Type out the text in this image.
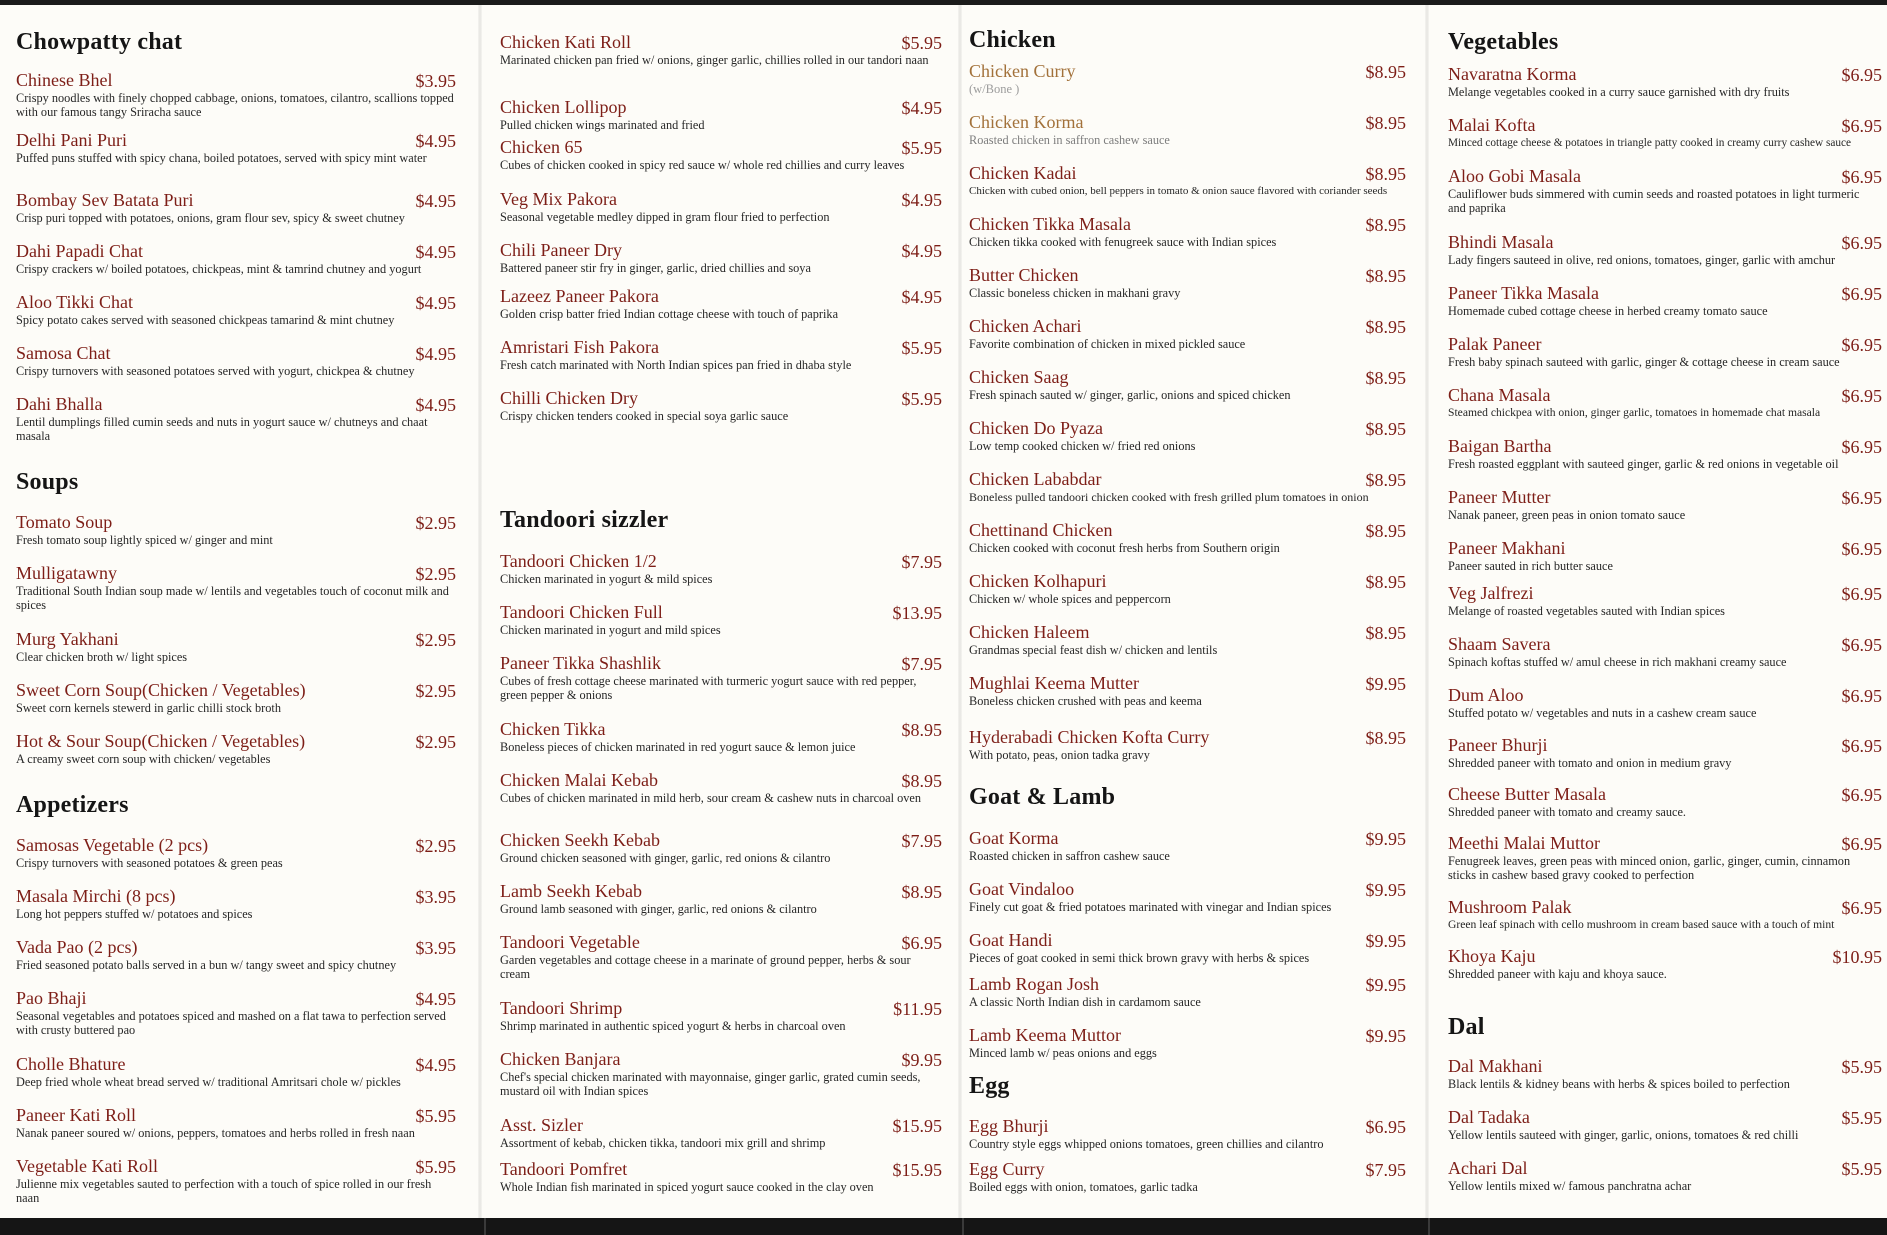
Chowpatty chat
Chinese Bhel	$3.95
Crispy noodles with finely chopped cabbage, onions, tomatoes, cilantro, scallions topped with our famous tangy Sriracha sauce
Delhi Pani Puri	$4.95
Puffed puns stuffed with spicy chana, boiled potatoes, served with spicy mint water
Bombay Sev Batata Puri	$4.95
Crisp puri topped with potatoes, onions, gram flour sev, spicy & sweet chutney
Dahi Papadi Chat	$4.95
Crispy crackers w/ boiled potatoes, chickpeas, mint & tamrind chutney and yogurt
Aloo Tikki Chat	$4.95
Spicy potato cakes served with seasoned chickpeas tamarind & mint chutney
Samosa Chat	$4.95
Crispy turnovers with seasoned potatoes served with yogurt, chickpea & chutney
Dahi Bhalla	$4.95
Lentil dumplings filled cumin seeds and nuts in yogurt sauce w/ chutneys and chaat masala
Soups
Tomato Soup	$2.95
Fresh tomato soup lightly spiced w/ ginger and mint
Mulligatawny	$2.95
Traditional South Indian soup made w/ lentils and vegetables touch of coconut milk and spices
Murg Yakhani	$2.95
Clear chicken broth w/ light spices
Sweet Corn Soup(Chicken / Vegetables)	$2.95
Sweet corn kernels stewerd in garlic chilli stock broth
Hot & Sour Soup(Chicken / Vegetables)	$2.95
A creamy sweet corn soup with chicken/ vegetables
Appetizers
Samosas Vegetable (2 pcs)	$2.95
Crispy turnovers with seasoned potatoes & green peas
Masala Mirchi (8 pcs)	$3.95
Long hot peppers stuffed w/ potatoes and spices
Vada Pao (2 pcs)	$3.95
Fried seasoned potato balls served in a bun w/ tangy sweet and spicy chutney
Pao Bhaji	$4.95
Seasonal vegetables and potatoes spiced and mashed on a flat tawa to perfection served with crusty buttered pao
Cholle Bhature	$4.95
Deep fried whole wheat bread served w/ traditional Amritsari chole w/ pickles
Paneer Kati Roll	$5.95
Nanak paneer soured w/ onions, peppers, tomatoes and herbs rolled in fresh naan
Vegetable Kati Roll	$5.95
Julienne mix vegetables sauted to perfection with a touch of spice rolled in our fresh naan
Chicken Kati Roll	$5.95
Marinated chicken pan fried w/ onions, ginger garlic, chillies rolled in our tandori naan
Chicken Lollipop	$4.95
Pulled chicken wings marinated and fried
Chicken 65	$5.95
Cubes of chicken cooked in spicy red sauce w/ whole red chillies and curry leaves
Veg Mix Pakora	$4.95
Seasonal vegetable medley dipped in gram flour fried to perfection
Chili Paneer Dry	$4.95
Battered paneer stir fry in ginger, garlic, dried chillies and soya
Lazeez Paneer Pakora	$4.95
Golden crisp batter fried Indian cottage cheese with touch of paprika
Amristari Fish Pakora	$5.95
Fresh catch marinated with North Indian spices pan fried in dhaba style
Chilli Chicken Dry	$5.95
Crispy chicken tenders cooked in special soya garlic sauce
Tandoori sizzler
Tandoori Chicken 1/2	$7.95
Chicken marinated in yogurt & mild spices
Tandoori Chicken Full	$13.95
Chicken marinated in yogurt and mild spices
Paneer Tikka Shashlik	$7.95
Cubes of fresh cottage cheese marinated with turmeric yogurt sauce with red pepper, green pepper & onions
Chicken Tikka	$8.95
Boneless pieces of chicken marinated in red yogurt sauce & lemon juice
Chicken Malai Kebab	$8.95
Cubes of chicken marinated in mild herb, sour cream & cashew nuts in charcoal oven
Chicken Seekh Kebab	$7.95
Ground chicken seasoned with ginger, garlic, red onions & cilantro
Lamb Seekh Kebab	$8.95
Ground lamb seasoned with ginger, garlic, red onions & cilantro
Tandoori Vegetable	$6.95
Garden vegetables and cottage cheese in a marinate of ground pepper, herbs & sour cream
Tandoori Shrimp	$11.95
Shrimp marinated in authentic spiced yogurt & herbs in charcoal oven
Chicken Banjara	$9.95
Chef's special chicken marinated with mayonnaise, ginger garlic, grated cumin seeds, mustard oil with Indian spices
Asst. Sizler	$15.95
Assortment of kebab, chicken tikka, tandoori mix grill and shrimp
Tandoori Pomfret	$15.95
Whole Indian fish marinated in spiced yogurt sauce cooked in the clay oven
Chicken
Chicken Curry	$8.95
(w/Bone )
Chicken Korma	$8.95
Roasted chicken in saffron cashew sauce
Chicken Kadai	$8.95
Chicken with cubed onion, bell peppers in tomato & onion sauce flavored with coriander seeds
Chicken Tikka Masala	$8.95
Chicken tikka cooked with fenugreek sauce with Indian spices
Butter Chicken	$8.95
Classic boneless chicken in makhani gravy
Chicken Achari	$8.95
Favorite combination of chicken in mixed pickled sauce
Chicken Saag	$8.95
Fresh spinach sauted w/ ginger, garlic, onions and spiced chicken
Chicken Do Pyaza	$8.95
Low temp cooked chicken w/ fried red onions
Chicken Lababdar	$8.95
Boneless pulled tandoori chicken cooked with fresh grilled plum tomatoes in onion
Chettinand Chicken	$8.95
Chicken cooked with coconut fresh herbs from Southern origin
Chicken Kolhapuri	$8.95
Chicken w/ whole spices and peppercorn
Chicken Haleem	$8.95
Grandmas special feast dish w/ chicken and lentils
Mughlai Keema Mutter	$9.95
Boneless chicken crushed with peas and keema
Hyderabadi Chicken Kofta Curry	$8.95
With potato, peas, onion tadka gravy
Goat & Lamb
Goat Korma	$9.95
Roasted chicken in saffron cashew sauce
Goat Vindaloo	$9.95
Finely cut goat & fried potatoes marinated with vinegar and Indian spices
Goat Handi	$9.95
Pieces of goat cooked in semi thick brown gravy with herbs & spices
Lamb Rogan Josh	$9.95
A classic North Indian dish in cardamom sauce
Lamb Keema Muttor	$9.95
Minced lamb w/ peas onions and eggs
Egg
Egg Bhurji	$6.95
Country style eggs whipped onions tomatoes, green chillies and cilantro
Egg Curry	$7.95
Boiled eggs with onion, tomatoes, garlic tadka
Vegetables
Navaratna Korma	$6.95
Melange vegetables cooked in a curry sauce garnished with dry fruits
Malai Kofta	$6.95
Minced cottage cheese & potatoes in triangle patty cooked in creamy curry cashew sauce
Aloo Gobi Masala	$6.95
Cauliflower buds simmered with cumin seeds and roasted potatoes in light turmeric and paprika
Bhindi Masala	$6.95
Lady fingers sauteed in olive, red onions, tomatoes, ginger, garlic with amchur
Paneer Tikka Masala	$6.95
Homemade cubed cottage cheese in herbed creamy tomato sauce
Palak Paneer	$6.95
Fresh baby spinach sauteed with garlic, ginger & cottage cheese in cream sauce
Chana Masala	$6.95
Steamed chickpea with onion, ginger garlic, tomatoes in homemade chat masala
Baigan Bartha	$6.95
Fresh roasted eggplant with sauteed ginger, garlic & red onions in vegetable oil
Paneer Mutter	$6.95
Nanak paneer, green peas in onion tomato sauce
Paneer Makhani	$6.95
Paneer sauted in rich butter sauce
Veg Jalfrezi	$6.95
Melange of roasted vegetables sauted with Indian spices
Shaam Savera	$6.95
Spinach koftas stuffed w/ amul cheese in rich makhani creamy sauce
Dum Aloo	$6.95
Stuffed potato w/ vegetables and nuts in a cashew cream sauce
Paneer Bhurji	$6.95
Shredded paneer with tomato and onion in medium gravy
Cheese Butter Masala	$6.95
Shredded paneer with tomato and creamy sauce.
Meethi Malai Muttor	$6.95
Fenugreek leaves, green peas with minced onion, garlic, ginger, cumin, cinnamon sticks in cashew based gravy cooked to perfection
Mushroom Palak	$6.95
Green leaf spinach with cello mushroom in cream based sauce with a touch of mint
Khoya Kaju	$10.95
Shredded paneer with kaju and khoya sauce.
Dal
Dal Makhani	$5.95
Black lentils & kidney beans with herbs & spices boiled to perfection
Dal Tadaka	$5.95
Yellow lentils sauteed with ginger, garlic, onions, tomatoes & red chilli
Achari Dal	$5.95
Yellow lentils mixed w/ famous panchratna achar
